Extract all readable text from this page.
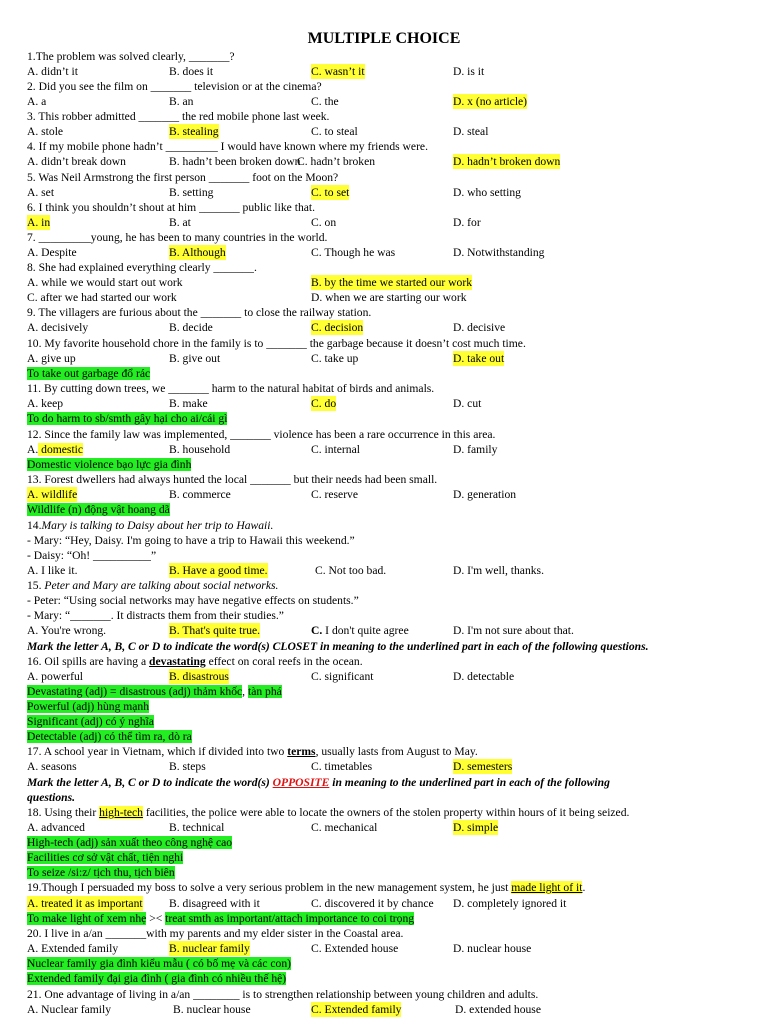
MULTIPLE CHOICE
1.The problem was solved clearly, _______?
A. didn’t it	B. does it	C. wasn’t it	D. is it
2. Did you see the film on _______ television or at the cinema?
A. a	B. an	C. the	D. x (no article)
3. This robber admitted _______ the red mobile phone last week.
A. stole	B. stealing	C. to steal	D. steal
4. If my mobile phone hadn’t _________ I would have known where my friends were.
A. didn’t break down	B. hadn’t been broken down
C. hadn’t broken	D. hadn’t broken down
5. Was Neil Armstrong the first person _______ foot on the Moon?
A. set	B. setting	C. to set	D. who setting
6. I think you shouldn’t shout at him _______ public like that.
A. in	B. at	C. on	D. for
7. _________young, he has been to many countries in the world.
A. Despite	B. Although	C. Though he was	D. Notwithstanding
8. She had explained everything clearly _______.
A. while we would start out work	B. by the time we started our work
C. after we had started our work	D. when we are starting our work
9. The villagers are furious about the _______ to close the railway station.
A. decisively	B. decide	C. decision	D. decisive
10. My favorite household chore in the family is to _______ the garbage because it doesn’t cost much time.
A. give up	B. give out	C. take up	D. take out
To take out garbage đổ rác
11. By cutting down trees, we _______ harm to the natural habitat of birds and animals.
A. keep	B. make	C. do	D. cut
To do harm to sb/smth gây hại cho ai/cái gì
12. Since the family law was implemented, _______ violence has been a rare occurrence in this area.
A. domestic	B. household	C. internal	D. family
Domestic violence bạo lực gia đình
13. Forest dwellers had always hunted the local _______ but their needs had been small.
A. wildlife	B. commerce	C. reserve	D. generation
Wildlife (n) động vật hoang dã
14.Mary is talking to Daisy about her trip to Hawaii.
- Mary: “Hey, Daisy. I'm going to have a trip to Hawaii this weekend.”
- Daisy: “Oh! __________”
A. I like it.	B. Have a good time.	C. Not too bad.	D. I'm well, thanks.
15. Peter and Mary are talking about social networks.
- Peter: “Using social networks may have negative effects on students.”
- Mary: “_______. It distracts them from their studies.”
A. You're wrong.	B. That's quite true.	C. I don't quite agree	D. I'm not sure about that.
Mark the letter A, B, C or D to indicate the word(s) CLOSET in meaning to the underlined part in each of the following questions.
16. Oil spills are having a devastating effect on coral reefs in the ocean.
A. powerful	B. disastrous	C. significant	D. detectable
Devastating (adj) = disastrous (adj) thảm khốc, tàn phá
Powerful (adj) hùng mạnh
Significant (adj) có ý nghĩa
Detectable (adj) có thể tìm ra, dò ra
17. A school year in Vietnam, which if divided into two terms, usually lasts from August to May.
A. seasons	B. steps	C. timetables	D. semesters
Mark the letter A, B, C or D to indicate the word(s) OPPOSITE in meaning to the underlined part in each of the following
questions.
18. Using their high-tech facilities, the police were able to locate the owners of the stolen property within hours of it being seized.
A. advanced	B. technical	C. mechanical	D. simple
High-tech (adj) sản xuất theo công nghệ cao
Facilities cơ sở vật chất, tiện nghi
To seize /si:z/ tịch thu, tịch biên
19.Though I persuaded my boss to solve a very serious problem in the new management system, he just made light of it.
A. treated it as important B. disagreed with it	C. discovered it by chance D. completely ignored it
To make light of xem nhẹ >< treat smth as important/attach importance to coi trọng
20. I live in a/an _______with my parents and my elder sister in the Coastal area.
A. Extended family	B. nuclear family	C. Extended house	D. nuclear house
Nuclear family gia đình kiểu mẫu ( có bố mẹ và các con)
Extended family đại gia đình ( gia đình có nhiều thế hệ)
21. One advantage of living in a/an ________ is to strengthen relationship between young children and adults.
A. Nuclear family	B. nuclear house	C. Extended family	D. extended house
